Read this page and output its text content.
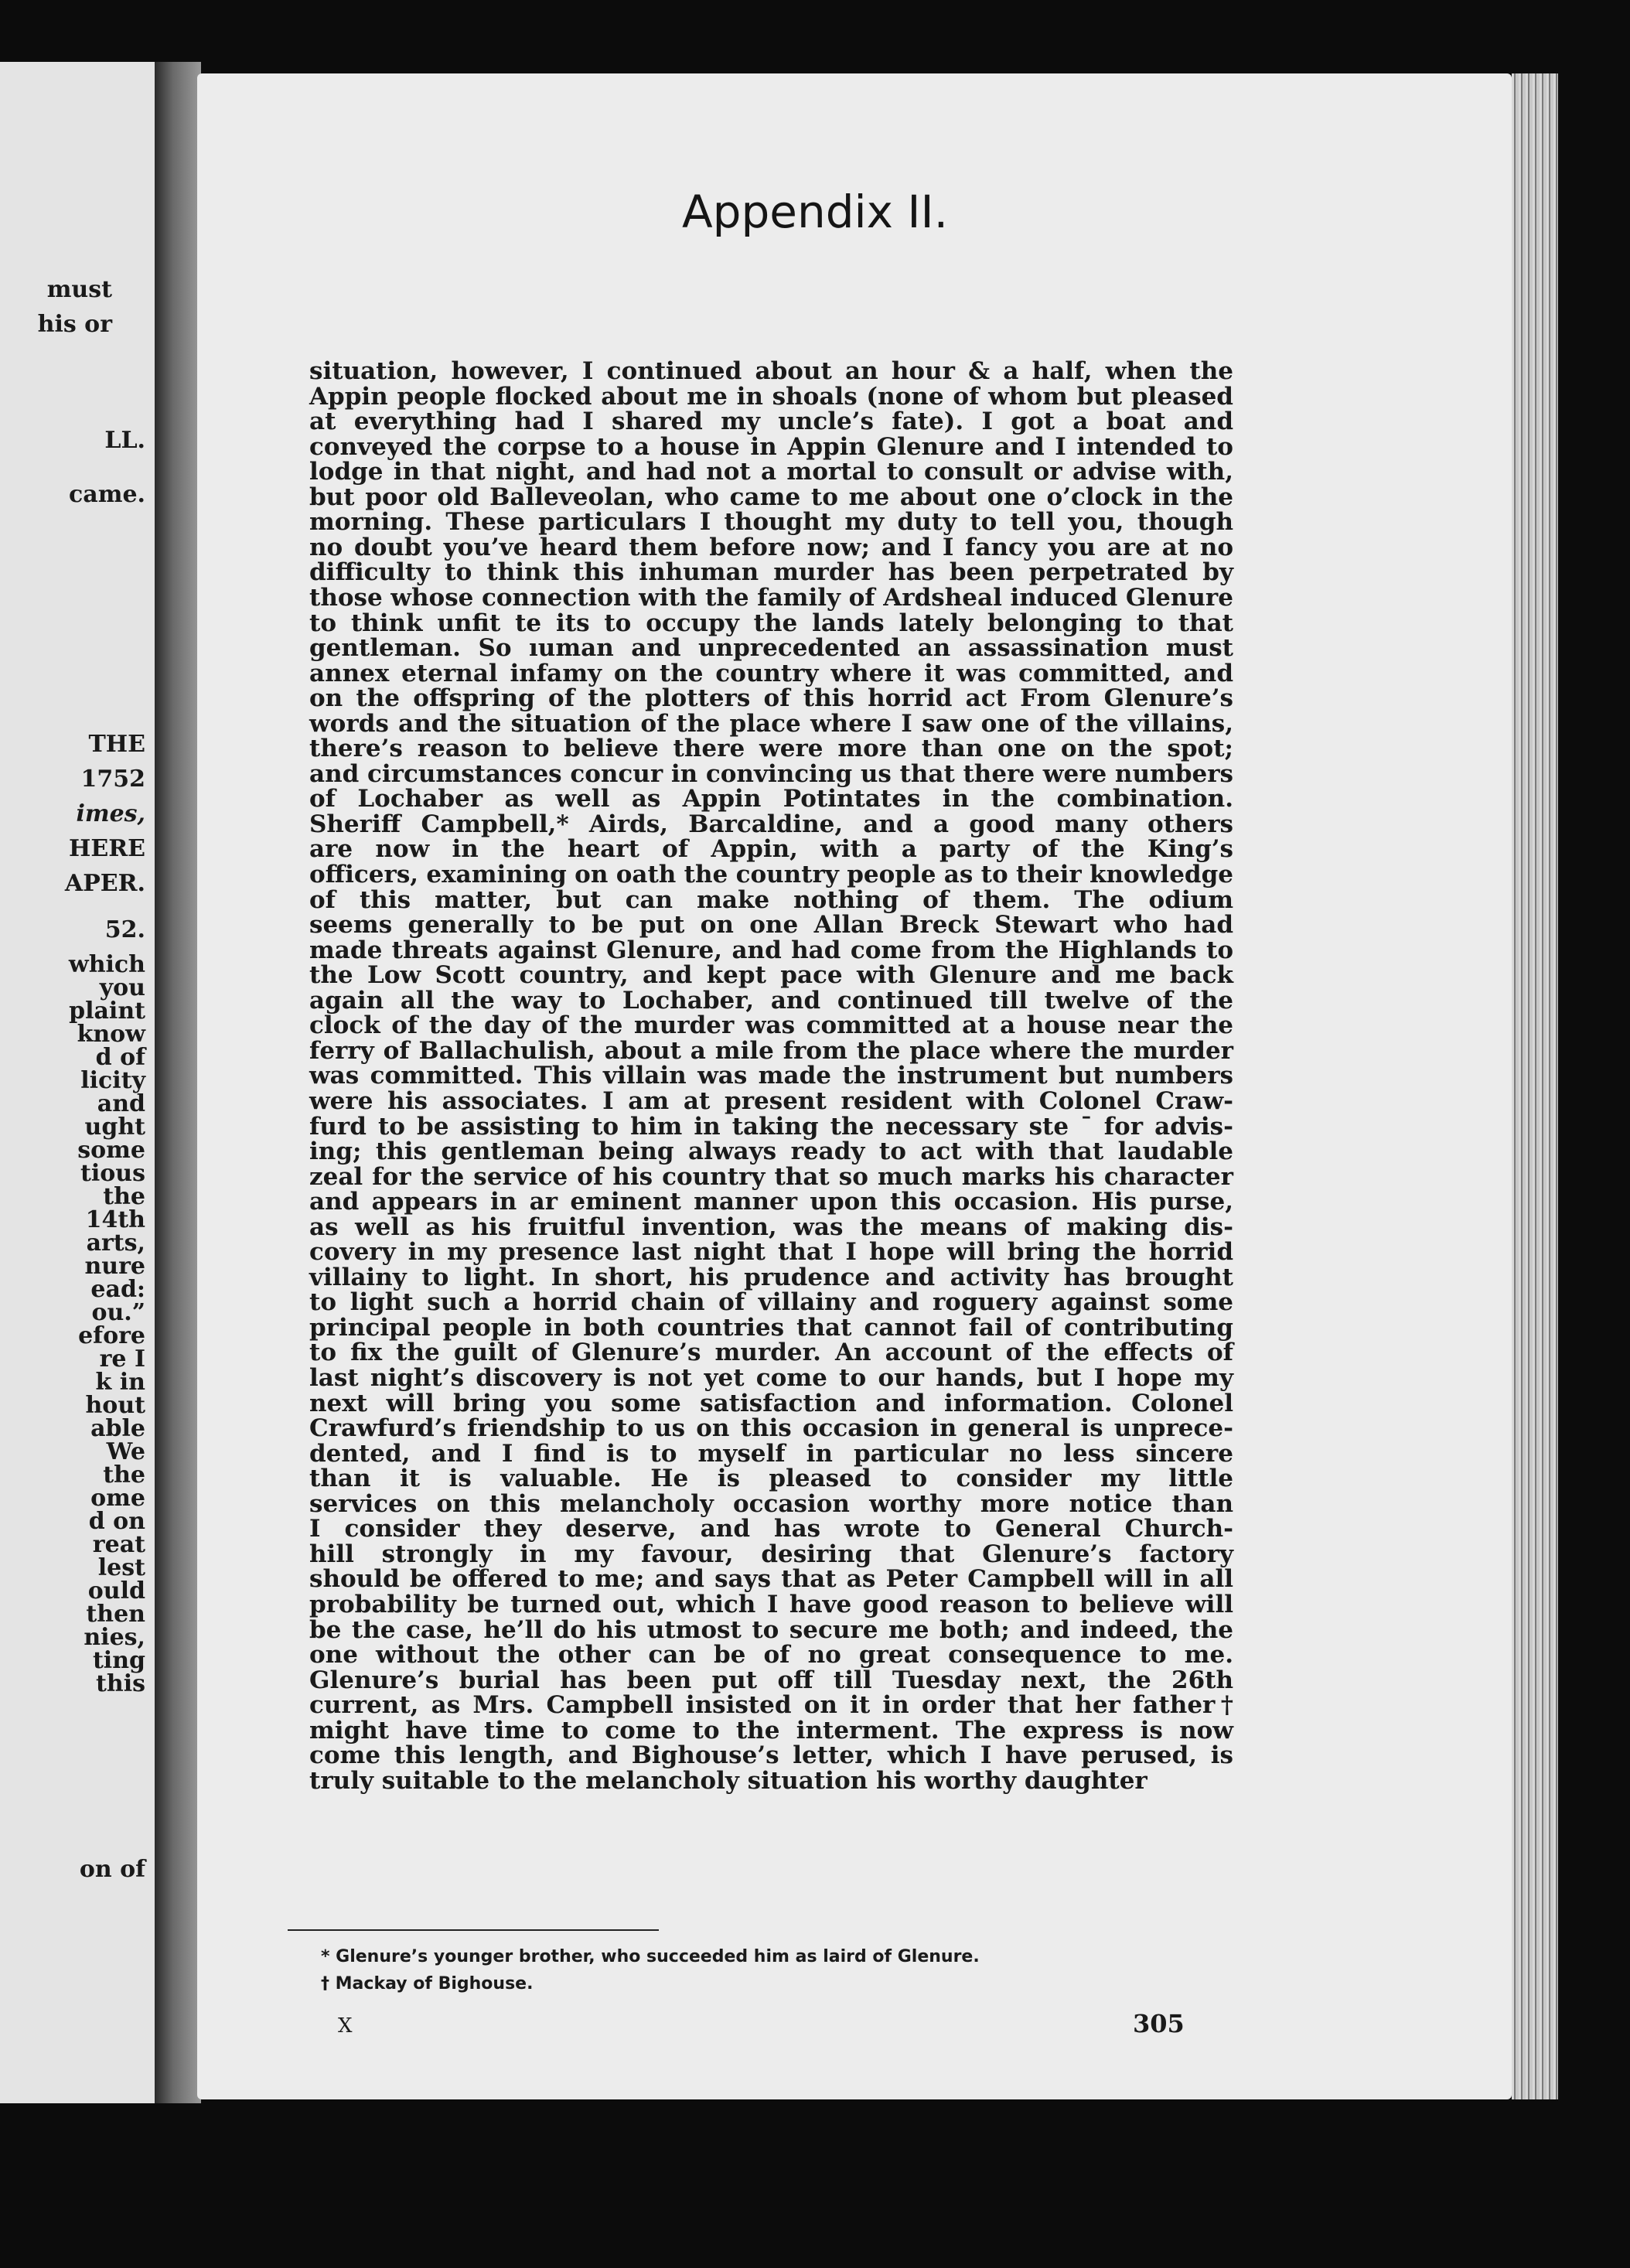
must
his or
LL.
came.
THE
1752
imes,
HERE
APER.
52.
which
you
plaint
know
d of
licity
and
ught
some
tious
the
14th
arts,
nure
ead:
ou.”
efore
re I
k in
hout
able
We
the
ome
d on
reat
lest
ould
then
nies,
ting
this
on of
Appendix II.

situation, however, I continued about an hour & a half, when the

Appin people flocked about me in shoals (none of whom but pleased

at everything had I shared my uncle’s fate). I got a boat and

conveyed the corpse to a house in Appin Glenure and I intended to

lodge in that night, and had not a mortal to consult or advise with,

but poor old Balleveolan, who came to me about one o’clock in the

morning. These particulars I thought my duty to tell you, though

no doubt you’ve heard them before now; and I fancy you are at no

difficulty to think this inhuman murder has been perpetrated by

those whose connection with the family of Ardsheal induced Glenure

to think unfit te its to occupy the lands lately belonging to that

gentleman. So ıuman and unprecedented an assassination must

annex eternal infamy on the country where it was committed, and

on the offspring of the plotters of this horrid act From Glenure’s

words and the situation of the place where I saw one of the villains,

there’s reason to believe there were more than one on the spot;

and circumstances concur in convincing us that there were numbers

of Lochaber as well as Appin Potintates in the combination.

Sheriff Campbell,* Airds, Barcaldine, and a good many others

are now in the heart of Appin, with a party of the King’s

officers, examining on oath the country people as to their knowledge

of this matter, but can make nothing of them. The odium

seems generally to be put on one Allan Breck Stewart who had

made threats against Glenure, and had come from the Highlands to

the Low Scott country, and kept pace with Glenure and me back

again all the way to Lochaber, and continued till twelve of the

clock of the day of the murder was committed at a house near the

ferry of Ballachulish, about a mile from the place where the murder

was committed. This villain was made the instrument but numbers

were his associates. I am at present resident with Colonel Craw-

furd to be assisting to him in taking the necessary ste ˉ for advis-

ing; this gentleman being always ready to act with that laudable

zeal for the service of his country that so much marks his character

and appears in ar eminent manner upon this occasion. His purse,

as well as his fruitful invention, was the means of making dis-

covery in my presence last night that I hope will bring the horrid

villainy to light. In short, his prudence and activity has brought

to light such a horrid chain of villainy and roguery against some

principal people in both countries that cannot fail of contributing

to fix the guilt of Glenure’s murder. An account of the effects of

last night’s discovery is not yet come to our hands, but I hope my

next will bring you some satisfaction and information. Colonel

Crawfurd’s friendship to us on this occasion in general is unprece-

dented, and I find is to myself in particular no less sincere

than it is valuable. He is pleased to consider my little

services on this melancholy occasion worthy more notice than

I consider they deserve, and has wrote to General Church-

hill strongly in my favour, desiring that Glenure’s factory

should be offered to me; and says that as Peter Campbell will in all

probability be turned out, which I have good reason to believe will

be the case, he’ll do his utmost to secure me both; and indeed, the

one without the other can be of no great consequence to me.

Glenure’s burial has been put off till Tuesday next, the 26th

current, as Mrs. Campbell insisted on it in order that her father†

might have time to come to the interment. The express is now

come this length, and Bighouse’s letter, which I have perused, is

truly suitable to the melancholy situation his worthy daughter

* Glenure’s younger brother, who succeeded him as laird of Glenure.

† Mackay of Bighouse.

X	305
